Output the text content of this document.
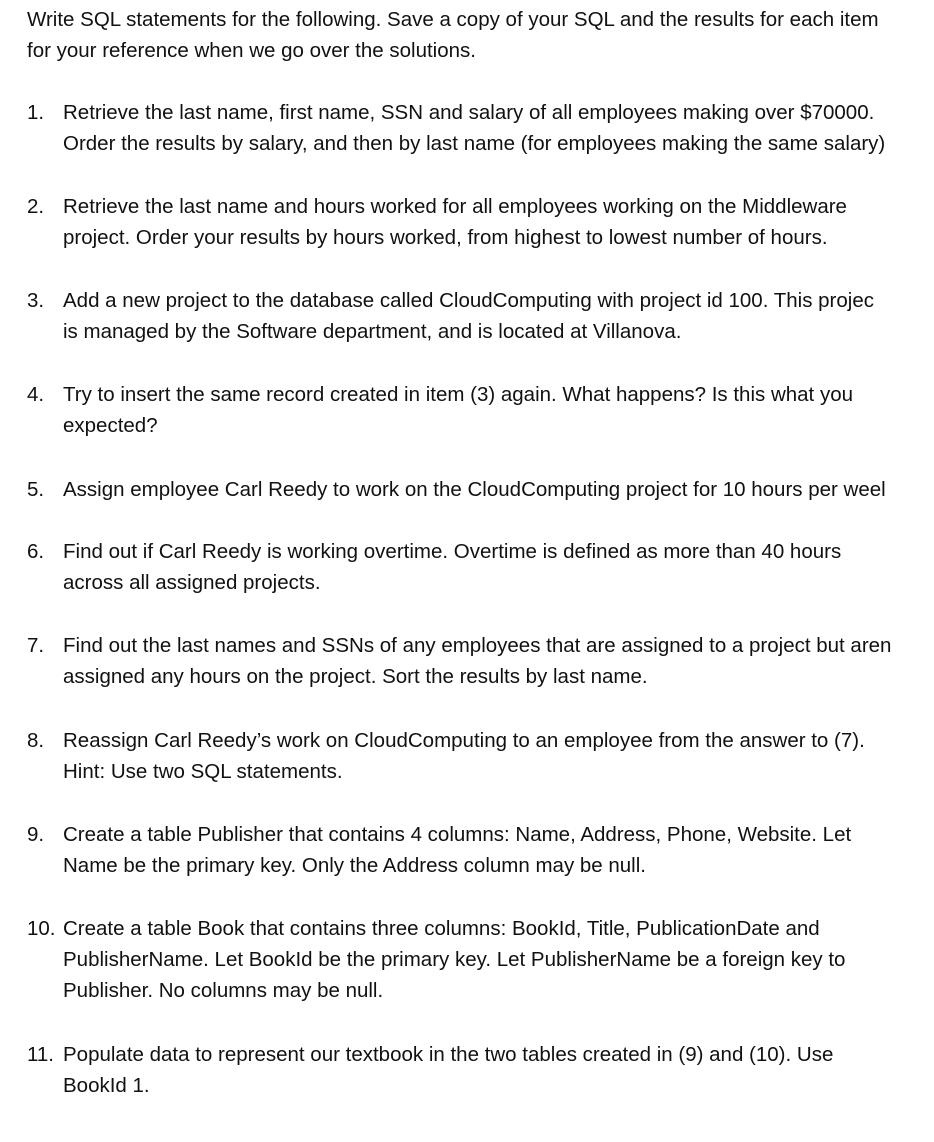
Write SQL statements for the following. Save a copy of your SQL and the results for each item
for your reference when we go over the solutions.
1. Retrieve the last name, first name, SSN and salary of all employees making over $70000.
Order the results by salary, and then by last name (for employees making the same salary)
2. Retrieve the last name and hours worked for all employees working on the Middleware
project. Order your results by hours worked, from highest to lowest number of hours.
3. Add a new project to the database called CloudComputing with project id 100. This projec
is managed by the Software department, and is located at Villanova.
4. Try to insert the same record created in item (3) again. What happens? Is this what you
expected?
5. Assign employee Carl Reedy to work on the CloudComputing project for 10 hours per weel
6. Find out if Carl Reedy is working overtime. Overtime is defined as more than 40 hours
across all assigned projects.
7. Find out the last names and SSNs of any employees that are assigned to a project but aren
assigned any hours on the project. Sort the results by last name.
8. Reassign Carl Reedy’s work on CloudComputing to an employee from the answer to (7).
Hint: Use two SQL statements.
9. Create a table Publisher that contains 4 columns: Name, Address, Phone, Website. Let
Name be the primary key. Only the Address column may be null.
10. Create a table Book that contains three columns: BookId, Title, PublicationDate and
PublisherName. Let BookId be the primary key. Let PublisherName be a foreign key to
Publisher. No columns may be null.
11. Populate data to represent our textbook in the two tables created in (9) and (10). Use
BookId 1.
